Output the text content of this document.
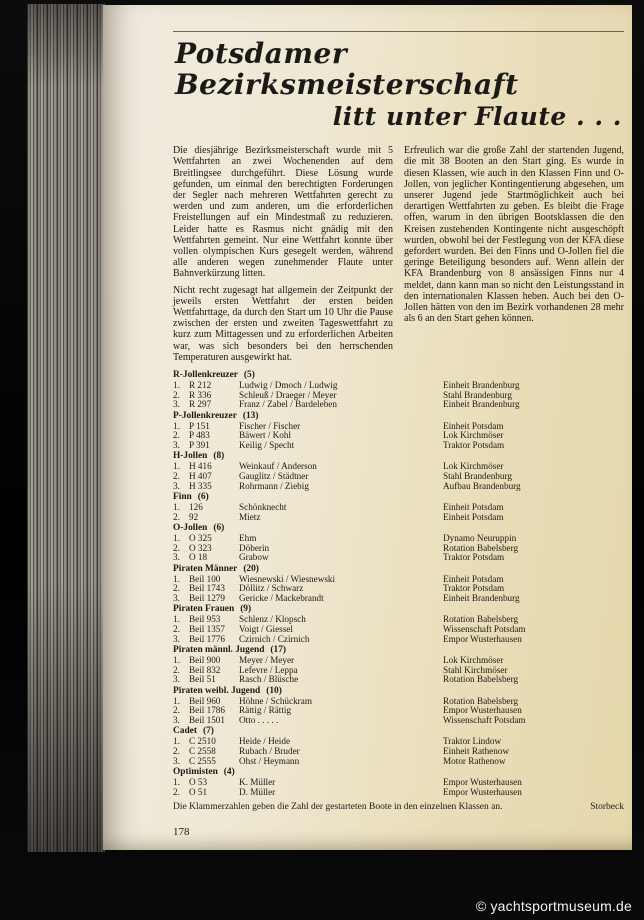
Potsdamer Bezirksmeisterschaft
litt unter Flaute . . .

Die diesjährige Bezirksmeisterschaft wurde mit 5 Wettfahrten an zwei Wochenenden auf dem Breitlingsee durchgeführt. Diese Lösung wurde gefunden, um einmal den berechtigten Forderungen der Segler nach mehreren Wettfahrten gerecht zu werden und zum anderen, um die erforderlichen Freistellungen auf ein Mindestmaß zu reduzieren. Leider hatte es Rasmus nicht gnädig mit den Wettfahrten gemeint. Nur eine Wettfahrt konnte über vollen olympischen Kurs gesegelt werden, während alle anderen wegen zunehmender Flaute unter Bahnverkürzung litten.

Nicht recht zugesagt hat allgemein der Zeitpunkt der jeweils ersten Wettfahrt der ersten beiden Wettfahrttage, da durch den Start um 10 Uhr die Pause zwischen der ersten und zweiten Tageswettfahrt zu kurz zum Mittagessen und zu erforderlichen Arbeiten war, was sich besonders bei den herrschenden Temperaturen ausgewirkt hat.

Erfreulich war die große Zahl der startenden Jugend, die mit 38 Booten an den Start ging. Es wurde in diesen Klassen, wie auch in den Klassen Finn und O-Jollen, von jeglicher Kontingentierung abgesehen, um unserer Jugend jede Startmöglichkeit auch bei derartigen Wettfahrten zu geben. Es bleibt die Frage offen, warum in den übrigen Bootsklassen die den Kreisen zustehenden Kontingente nicht ausgeschöpft wurden, obwohl bei der Festlegung von der KFA diese gefordert wurden. Bei den Finns und O-Jollen fiel die geringe Beteiligung besonders auf. Wenn allein der KFA Brandenburg von 8 ansässigen Finns nur 4 meldet, dann kann man so nicht den Leistungsstand in den internationalen Klassen heben. Auch bei den O-Jollen hätten von den im Bezirk vorhandenen 28 mehr als 6 an den Start gehen können.

R-Jollenkreuzer (5)
1. R 212	Ludwig / Dmoch / Ludwig	Einheit Brandenburg
2. R 336	Schleuß / Draeger / Meyer	Stahl Brandenburg
3. R 297	Franz / Zabel / Bardeleben	Einheit Brandenburg
P-Jollenkreuzer (13)
1. P 151	Fischer / Fischer	Einheit Potsdam
2. P 483	Bäwert / Kohl	Lok Kirchmöser
3. P 391	Keilig / Specht	Traktor Potsdam
H-Jollen (8)
1. H 416	Weinkauf / Anderson	Lok Kirchmöser
2. H 407	Gauglitz / Städtner	Stahl Brandenburg
3. H 335	Rohrmann / Ziebig	Aufbau Brandenburg
Finn (6)
1. 126	Schönknecht	Einheit Potsdam
2. 92	Mietz	Einheit Potsdam
O-Jollen (6)
1. O 325	Ehm	Dynamo Neuruppin
2. O 323	Döberin	Rotation Babelsberg
3. O 18	Grabow	Traktor Potsdam
Piraten Männer (20)
1. Beil 100	Wiesnewski / Wiesnewski	Einheit Potsdam
2. Beil 1743	Döllitz / Schwarz	Traktor Potsdam
3. Beil 1279	Gericke / Mackebrandt	Einheit Brandenburg
Piraten Frauen (9)
1. Beil 953	Schlenz / Klopsch	Rotation Babelsberg
2. Beil 1357	Voigt / Giessel	Wissenschaft Potsdam
3. Beil 1776	Czirnich / Czirnich	Empor Wusterhausen
Piraten männl. Jugend (17)
1. Beil 900	Meyer / Meyer	Lok Kirchmöser
2. Beil 832	Lefevre / Leppa	Stahl Kirchmöser
3. Beil 51	Rasch / Blüsche	Rotation Babelsberg
Piraten weibl. Jugend (10)
1. Beil 960	Höhne / Schückram	Rotation Babelsberg
2. Beil 1786	Rättig / Rättig	Empor Wusterhausen
3. Beil 1501	Otto . . . . .	Wissenschaft Potsdam
Cadet (7)
1. C 2510	Heide / Heide	Traktor Lindow
2. C 2558	Rubach / Bruder	Einheit Rathenow
3. C 2555	Ohst / Heymann	Motor Rathenow
Optimisten (4)
1. O 53	K. Müller	Empor Wusterhausen
2. O 51	D. Müller	Empor Wusterhausen
Die Klammerzahlen geben die Zahl der gestarteten Boote in den einzelnen Klassen an.	Storbeck
178
© yachtsportmuseum.de
